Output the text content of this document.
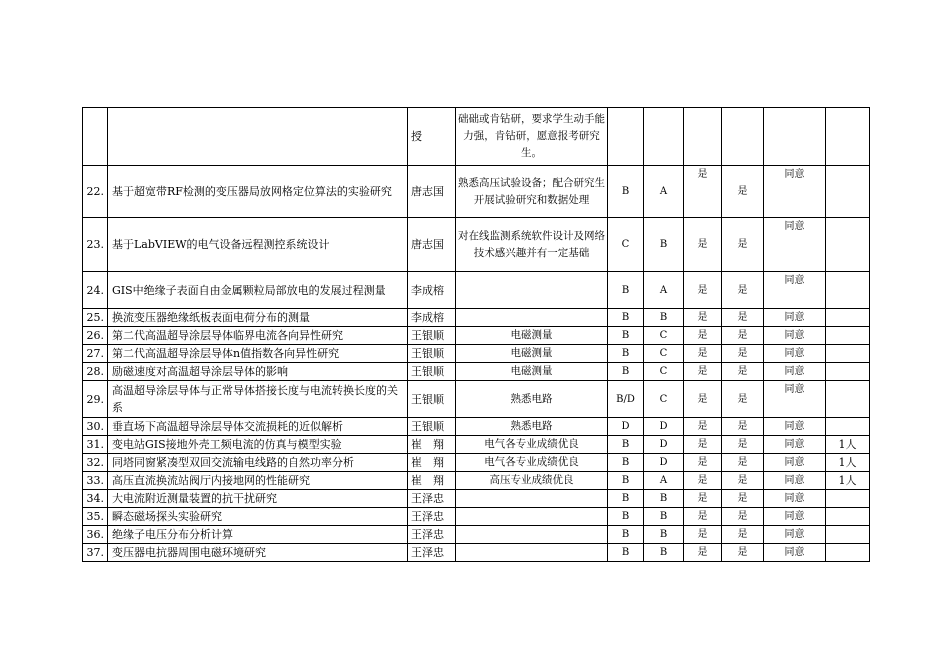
		授	础础或肯钻研，要求学生动手能力强，肯钻研，愿意报考研究生。						
22.	基于超宽带RF检测的变压器局放网格定位算法的实验研究	唐志国	熟悉高压试验设备；配合研究生开展试验研究和数据处理	B	A	是	是	同意	
23.	基于LabVIEW的电气设备远程测控系统设计	唐志国	对在线监测系统软件设计及网络技术感兴趣并有一定基础	C	B	是	是	同意	
24.	GIS中绝缘子表面自由金属颗粒局部放电的发展过程测量	李成榕		B	A	是	是	同意	
25.	换流变压器绝缘纸板表面电荷分布的测量	李成榕		B	B	是	是	同意	
26.	第二代高温超导涂层导体临界电流各向异性研究	王银顺	电磁测量	B	C	是	是	同意	
27.	第二代高温超导涂层导体n值指数各向异性研究	王银顺	电磁测量	B	C	是	是	同意	
28.	励磁速度对高温超导涂层导体的影响	王银顺	电磁测量	B	C	是	是	同意	
29.	高温超导涂层导体与正常导体搭接长度与电流转换长度的关系	王银顺	熟悉电路	B/D	C	是	是	同意	
30.	垂直场下高温超导涂层导体交流损耗的近似解析	王银顺	熟悉电路	D	D	是	是	同意	
31.	变电站GIS接地外壳工频电流的仿真与模型实验	崔　翔	电气各专业成绩优良	B	D	是	是	同意	1人
32.	同塔同窗紧凑型双回交流输电线路的自然功率分析	崔　翔	电气各专业成绩优良	B	D	是	是	同意	1人
33.	高压直流换流站阀厅内接地网的性能研究	崔　翔	高压专业成绩优良	B	A	是	是	同意	1人
34.	大电流附近测量装置的抗干扰研究	王泽忠		B	B	是	是	同意	
35.	瞬态磁场探头实验研究	王泽忠		B	B	是	是	同意	
36.	绝缘子电压分布分析计算	王泽忠		B	B	是	是	同意	
37.	变压器电抗器周围电磁环境研究	王泽忠		B	B	是	是	同意	
